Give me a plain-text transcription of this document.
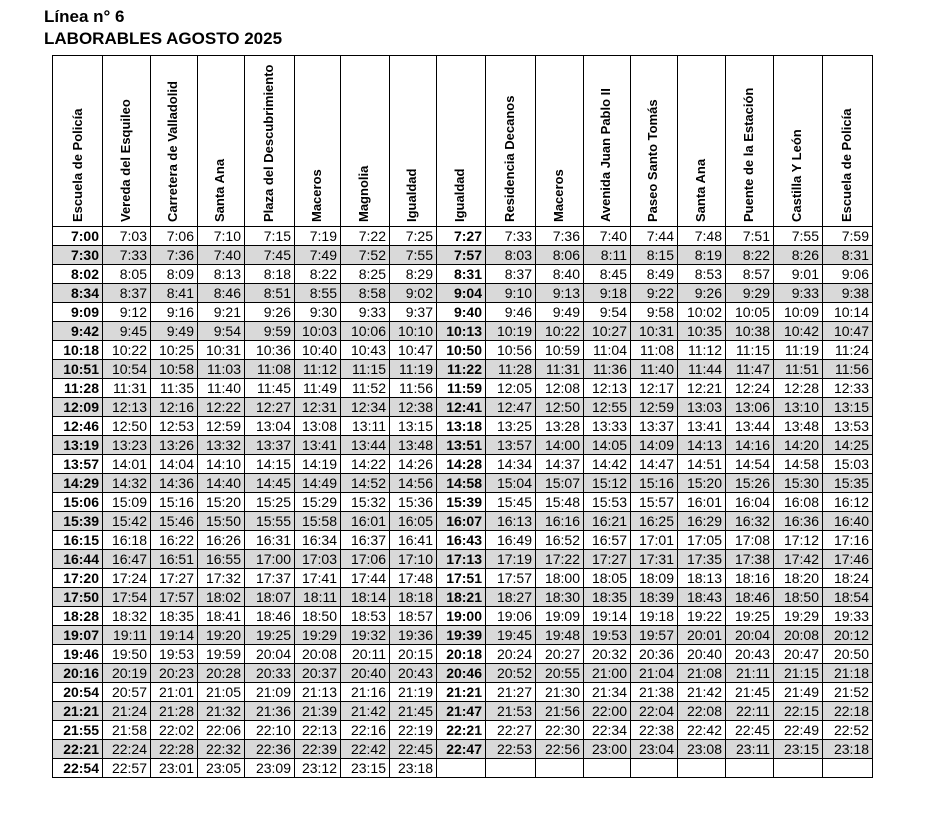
Línea n° 6
LABORABLES AGOSTO 2025
Escuela de Policía	Vereda del Esquileo	Carretera de Valladolid	Santa Ana	Plaza del Descubrimiento	Maceros	Magnolia	Igualdad	Igualdad	Residencia Decanos	Maceros	Avenida Juan Pablo II	Paseo Santo Tomás	Santa Ana	Puente de la Estación	Castilla Y León	Escuela de Policía

7:00	7:03	7:06	7:10	7:15	7:19	7:22	7:25	7:27	7:33	7:36	7:40	7:44	7:48	7:51	7:55	7:59
7:30	7:33	7:36	7:40	7:45	7:49	7:52	7:55	7:57	8:03	8:06	8:11	8:15	8:19	8:22	8:26	8:31
8:02	8:05	8:09	8:13	8:18	8:22	8:25	8:29	8:31	8:37	8:40	8:45	8:49	8:53	8:57	9:01	9:06
8:34	8:37	8:41	8:46	8:51	8:55	8:58	9:02	9:04	9:10	9:13	9:18	9:22	9:26	9:29	9:33	9:38
9:09	9:12	9:16	9:21	9:26	9:30	9:33	9:37	9:40	9:46	9:49	9:54	9:58	10:02	10:05	10:09	10:14
9:42	9:45	9:49	9:54	9:59	10:03	10:06	10:10	10:13	10:19	10:22	10:27	10:31	10:35	10:38	10:42	10:47
10:18	10:22	10:25	10:31	10:36	10:40	10:43	10:47	10:50	10:56	10:59	11:04	11:08	11:12	11:15	11:19	11:24
10:51	10:54	10:58	11:03	11:08	11:12	11:15	11:19	11:22	11:28	11:31	11:36	11:40	11:44	11:47	11:51	11:56
11:28	11:31	11:35	11:40	11:45	11:49	11:52	11:56	11:59	12:05	12:08	12:13	12:17	12:21	12:24	12:28	12:33
12:09	12:13	12:16	12:22	12:27	12:31	12:34	12:38	12:41	12:47	12:50	12:55	12:59	13:03	13:06	13:10	13:15
12:46	12:50	12:53	12:59	13:04	13:08	13:11	13:15	13:18	13:25	13:28	13:33	13:37	13:41	13:44	13:48	13:53
13:19	13:23	13:26	13:32	13:37	13:41	13:44	13:48	13:51	13:57	14:00	14:05	14:09	14:13	14:16	14:20	14:25
13:57	14:01	14:04	14:10	14:15	14:19	14:22	14:26	14:28	14:34	14:37	14:42	14:47	14:51	14:54	14:58	15:03
14:29	14:32	14:36	14:40	14:45	14:49	14:52	14:56	14:58	15:04	15:07	15:12	15:16	15:20	15:26	15:30	15:35
15:06	15:09	15:16	15:20	15:25	15:29	15:32	15:36	15:39	15:45	15:48	15:53	15:57	16:01	16:04	16:08	16:12
15:39	15:42	15:46	15:50	15:55	15:58	16:01	16:05	16:07	16:13	16:16	16:21	16:25	16:29	16:32	16:36	16:40
16:15	16:18	16:22	16:26	16:31	16:34	16:37	16:41	16:43	16:49	16:52	16:57	17:01	17:05	17:08	17:12	17:16
16:44	16:47	16:51	16:55	17:00	17:03	17:06	17:10	17:13	17:19	17:22	17:27	17:31	17:35	17:38	17:42	17:46
17:20	17:24	17:27	17:32	17:37	17:41	17:44	17:48	17:51	17:57	18:00	18:05	18:09	18:13	18:16	18:20	18:24
17:50	17:54	17:57	18:02	18:07	18:11	18:14	18:18	18:21	18:27	18:30	18:35	18:39	18:43	18:46	18:50	18:54
18:28	18:32	18:35	18:41	18:46	18:50	18:53	18:57	19:00	19:06	19:09	19:14	19:18	19:22	19:25	19:29	19:33
19:07	19:11	19:14	19:20	19:25	19:29	19:32	19:36	19:39	19:45	19:48	19:53	19:57	20:01	20:04	20:08	20:12
19:46	19:50	19:53	19:59	20:04	20:08	20:11	20:15	20:18	20:24	20:27	20:32	20:36	20:40	20:43	20:47	20:50
20:16	20:19	20:23	20:28	20:33	20:37	20:40	20:43	20:46	20:52	20:55	21:00	21:04	21:08	21:11	21:15	21:18
20:54	20:57	21:01	21:05	21:09	21:13	21:16	21:19	21:21	21:27	21:30	21:34	21:38	21:42	21:45	21:49	21:52
21:21	21:24	21:28	21:32	21:36	21:39	21:42	21:45	21:47	21:53	21:56	22:00	22:04	22:08	22:11	22:15	22:18
21:55	21:58	22:02	22:06	22:10	22:13	22:16	22:19	22:21	22:27	22:30	22:34	22:38	22:42	22:45	22:49	22:52
22:21	22:24	22:28	22:32	22:36	22:39	22:42	22:45	22:47	22:53	22:56	23:00	23:04	23:08	23:11	23:15	23:18
22:54	22:57	23:01	23:05	23:09	23:12	23:15	23:18									
